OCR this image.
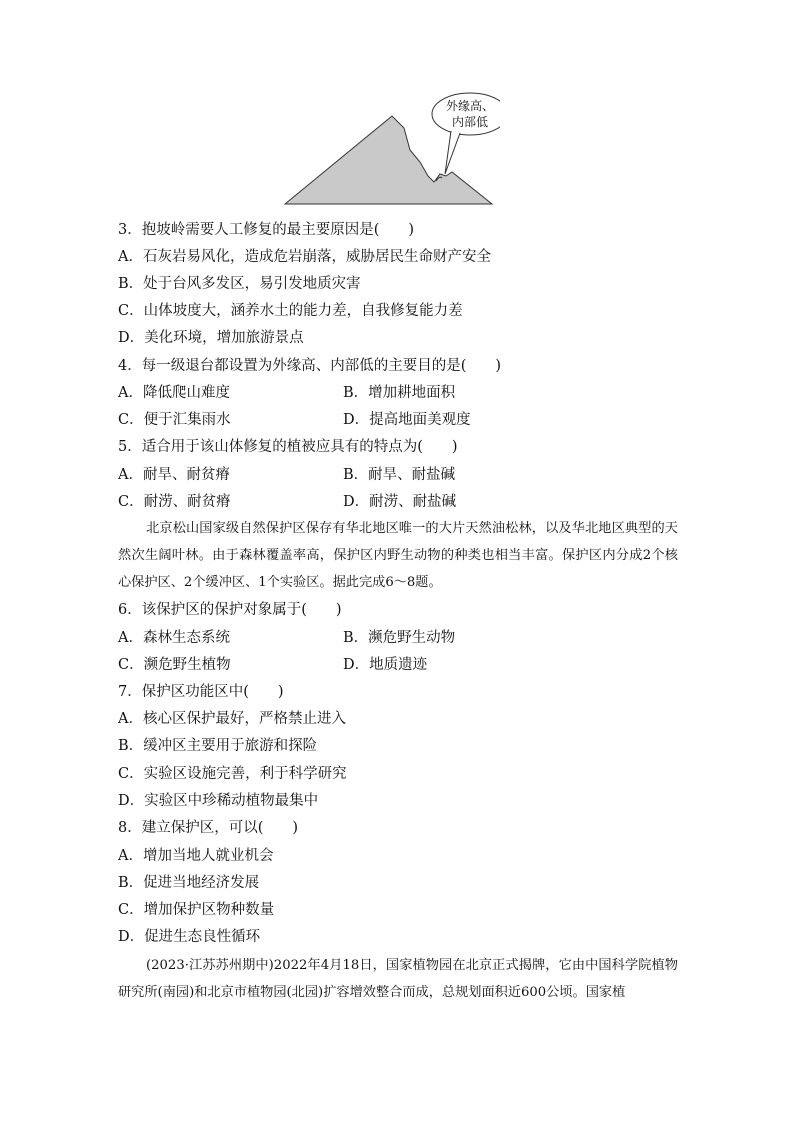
外缘高、
内部低
3．抱坡岭需要人工修复的最主要原因是(　　)
A．石灰岩易风化，造成危岩崩落，威胁居民生命财产安全
B．处于台风多发区，易引发地质灾害
C．山体坡度大，涵养水土的能力差，自我修复能力差
D．美化环境，增加旅游景点
4．每一级退台都设置为外缘高、内部低的主要目的是(　　)
A．降低爬山难度	B．增加耕地面积
C．便于汇集雨水	D．提高地面美观度
5．适合用于该山体修复的植被应具有的特点为(　　)
A．耐旱、耐贫瘠	B．耐旱、耐盐碱
C．耐涝、耐贫瘠	D．耐涝、耐盐碱
北京松山国家级自然保护区保存有华北地区唯一的大片天然油松林，以及华北地区典型的天然次生阔叶林。由于森林覆盖率高，保护区内野生动物的种类也相当丰富。保护区内分成2个核心保护区、2个缓冲区、1个实验区。据此完成6～8题。
6．该保护区的保护对象属于(　　)
A．森林生态系统	B．濒危野生动物
C．濒危野生植物	D．地质遗迹
7．保护区功能区中(　　)
A．核心区保护最好，严格禁止进入
B．缓冲区主要用于旅游和探险
C．实验区设施完善，利于科学研究
D．实验区中珍稀动植物最集中
8．建立保护区，可以(　　)
A．增加当地人就业机会
B．促进当地经济发展
C．增加保护区物种数量
D．促进生态良性循环
(2023·江苏苏州期中)2022年4月18日，国家植物园在北京正式揭牌，它由中国科学院植物研究所(南园)和北京市植物园(北园)扩容增效整合而成，总规划面积近600公顷。国家植
